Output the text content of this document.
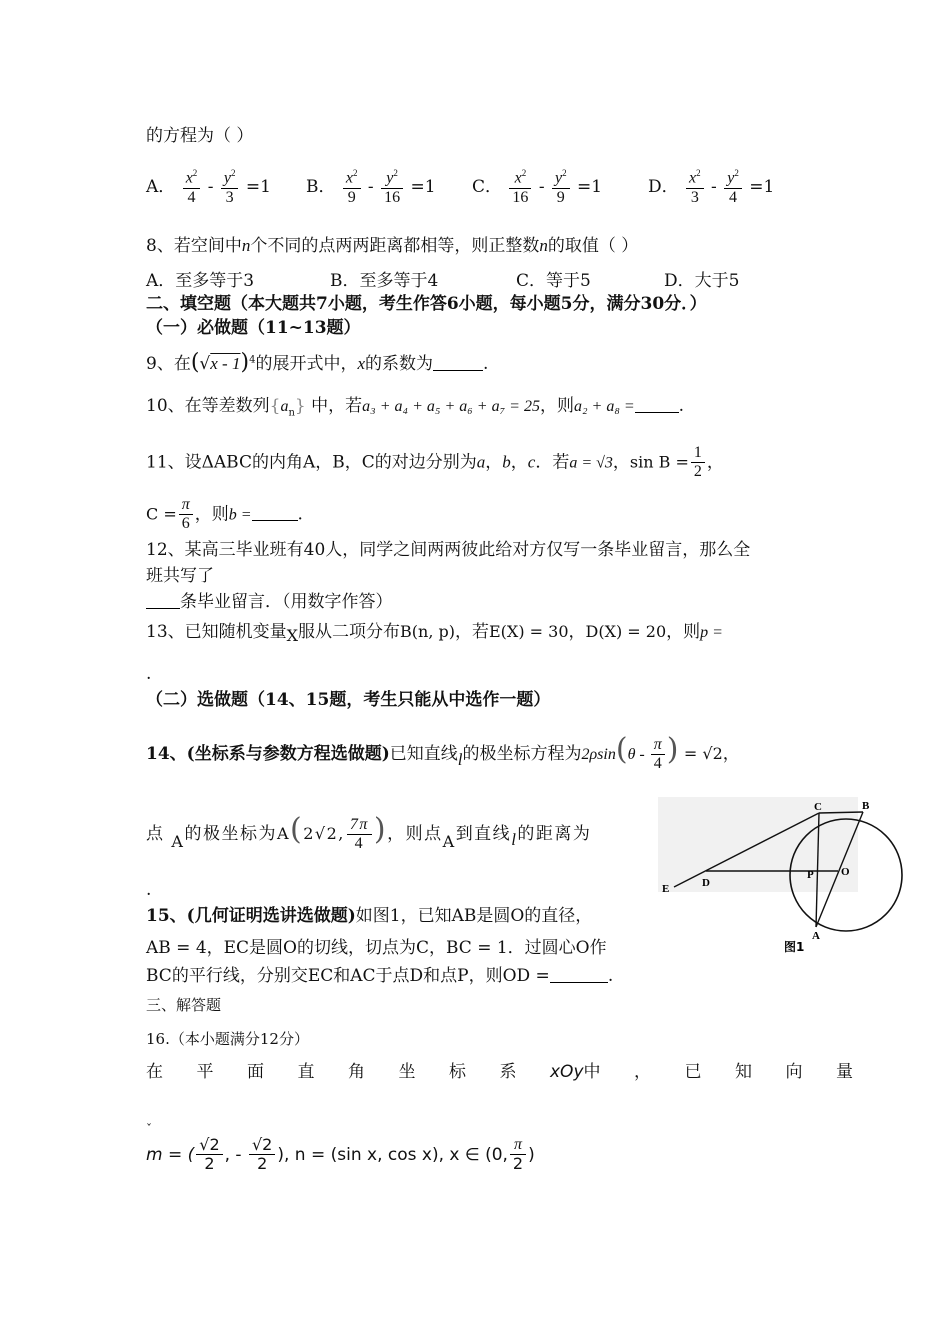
的方程为（ ）
A． $\frac{x^2}{4} - \frac{y^2}{3} =1$ B． $\frac{x^2}{9} - \frac{y^2}{16} =1$ C． $\frac{x^2}{16} - \frac{y^2}{9} =1$	D． $\frac{x^2}{3} - \frac{y^2}{4} =1$
8、若空间中n个不同的点两两距离都相等，则正整数n的取值（ ）
A．至多等于3	B．至多等于4	C．等于5	D．大于5
二、填空题（本大题共7小题，考生作答6小题，每小题5分，满分30分．）
（一）必做题（11~13题）
9、在(√x - 1)$^4$的展开式中，x的系数为	.
10、在等差数列$\{a_n\}$ 中，若a₃ + a₄ + a₅ + a₆ + a₇ = 25，则a₂ + a₈ =	.
11、设ΔABC的内角A，B，C的对边分别为a，b，c．若a = √3，$\sin B = \frac{1}{2}$ ，
$C = \frac{\pi}{6}$ ，则b =	.
12、某高三毕业班有40人，同学之间两两彼此给对方仅写一条毕业留言，那么全
班共写了
条毕业留言．（用数字作答）
13、已知随机变量X服从二项分布B(n, p)，若E(X) = 30，D(X) = 20，则p =
.
（二）选做题（14、15题，考生只能从中选作一题）
14、(坐标系与参数方程选做题)已知直线l的极坐标方程为$2\rho\sin(\theta - \frac{\pi}{4}$ ) = √2，
点 A的极坐标为A(2√2, $\frac{7\pi}{4}$ )，则点A到直线l的距离为
.
15、(几何证明选讲选做题)如图1，已知AB是圆O的直径，
AB = 4，EC是圆O的切线，切点为C，BC = 1．过圆心O作
BC的平行线，分别交EC和AC于点D和点P，则OD =	.
C	B
P O
E	D
A
图1
三、解答题
16.（本小题满分12分）
在 平 面 直 角 坐 标 系 xOy中 ， 已 知 向 量
ˇ
m = ( $\frac{√2}{2}$ , - $\frac{√2}{2}$ ), n = (sin x, cos x), x ∈ (0, $\frac{\pi}{2}$ )
